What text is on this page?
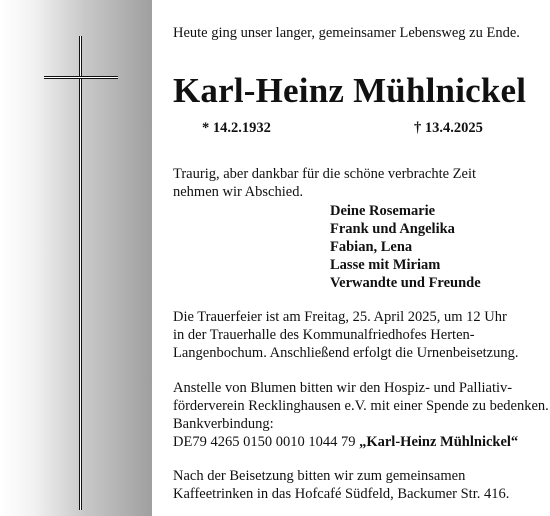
Heute ging unser langer, gemeinsamer Lebensweg zu Ende.
Karl-Heinz Mühlnickel
* 14.2.1932	† 13.4.2025
Traurig, aber dankbar für die schöne verbrachte Zeit
nehmen wir Abschied.
Deine Rosemarie
Frank und Angelika
Fabian, Lena
Lasse mit Miriam
Verwandte und Freunde
Die Trauerfeier ist am Freitag, 25. April 2025, um 12 Uhr
in der Trauerhalle des Kommunalfriedhofes Herten-
Langenbochum. Anschließend erfolgt die Urnenbeisetzung.
Anstelle von Blumen bitten wir den Hospiz- und Palliativ-
förderverein Recklinghausen e.V. mit einer Spende zu bedenken.
Bankverbindung:
DE79 4265 0150 0010 1044 79 „Karl-Heinz Mühlnickel“
Nach der Beisetzung bitten wir zum gemeinsamen
Kaffeetrinken in das Hofcafé Südfeld, Backumer Str. 416.
